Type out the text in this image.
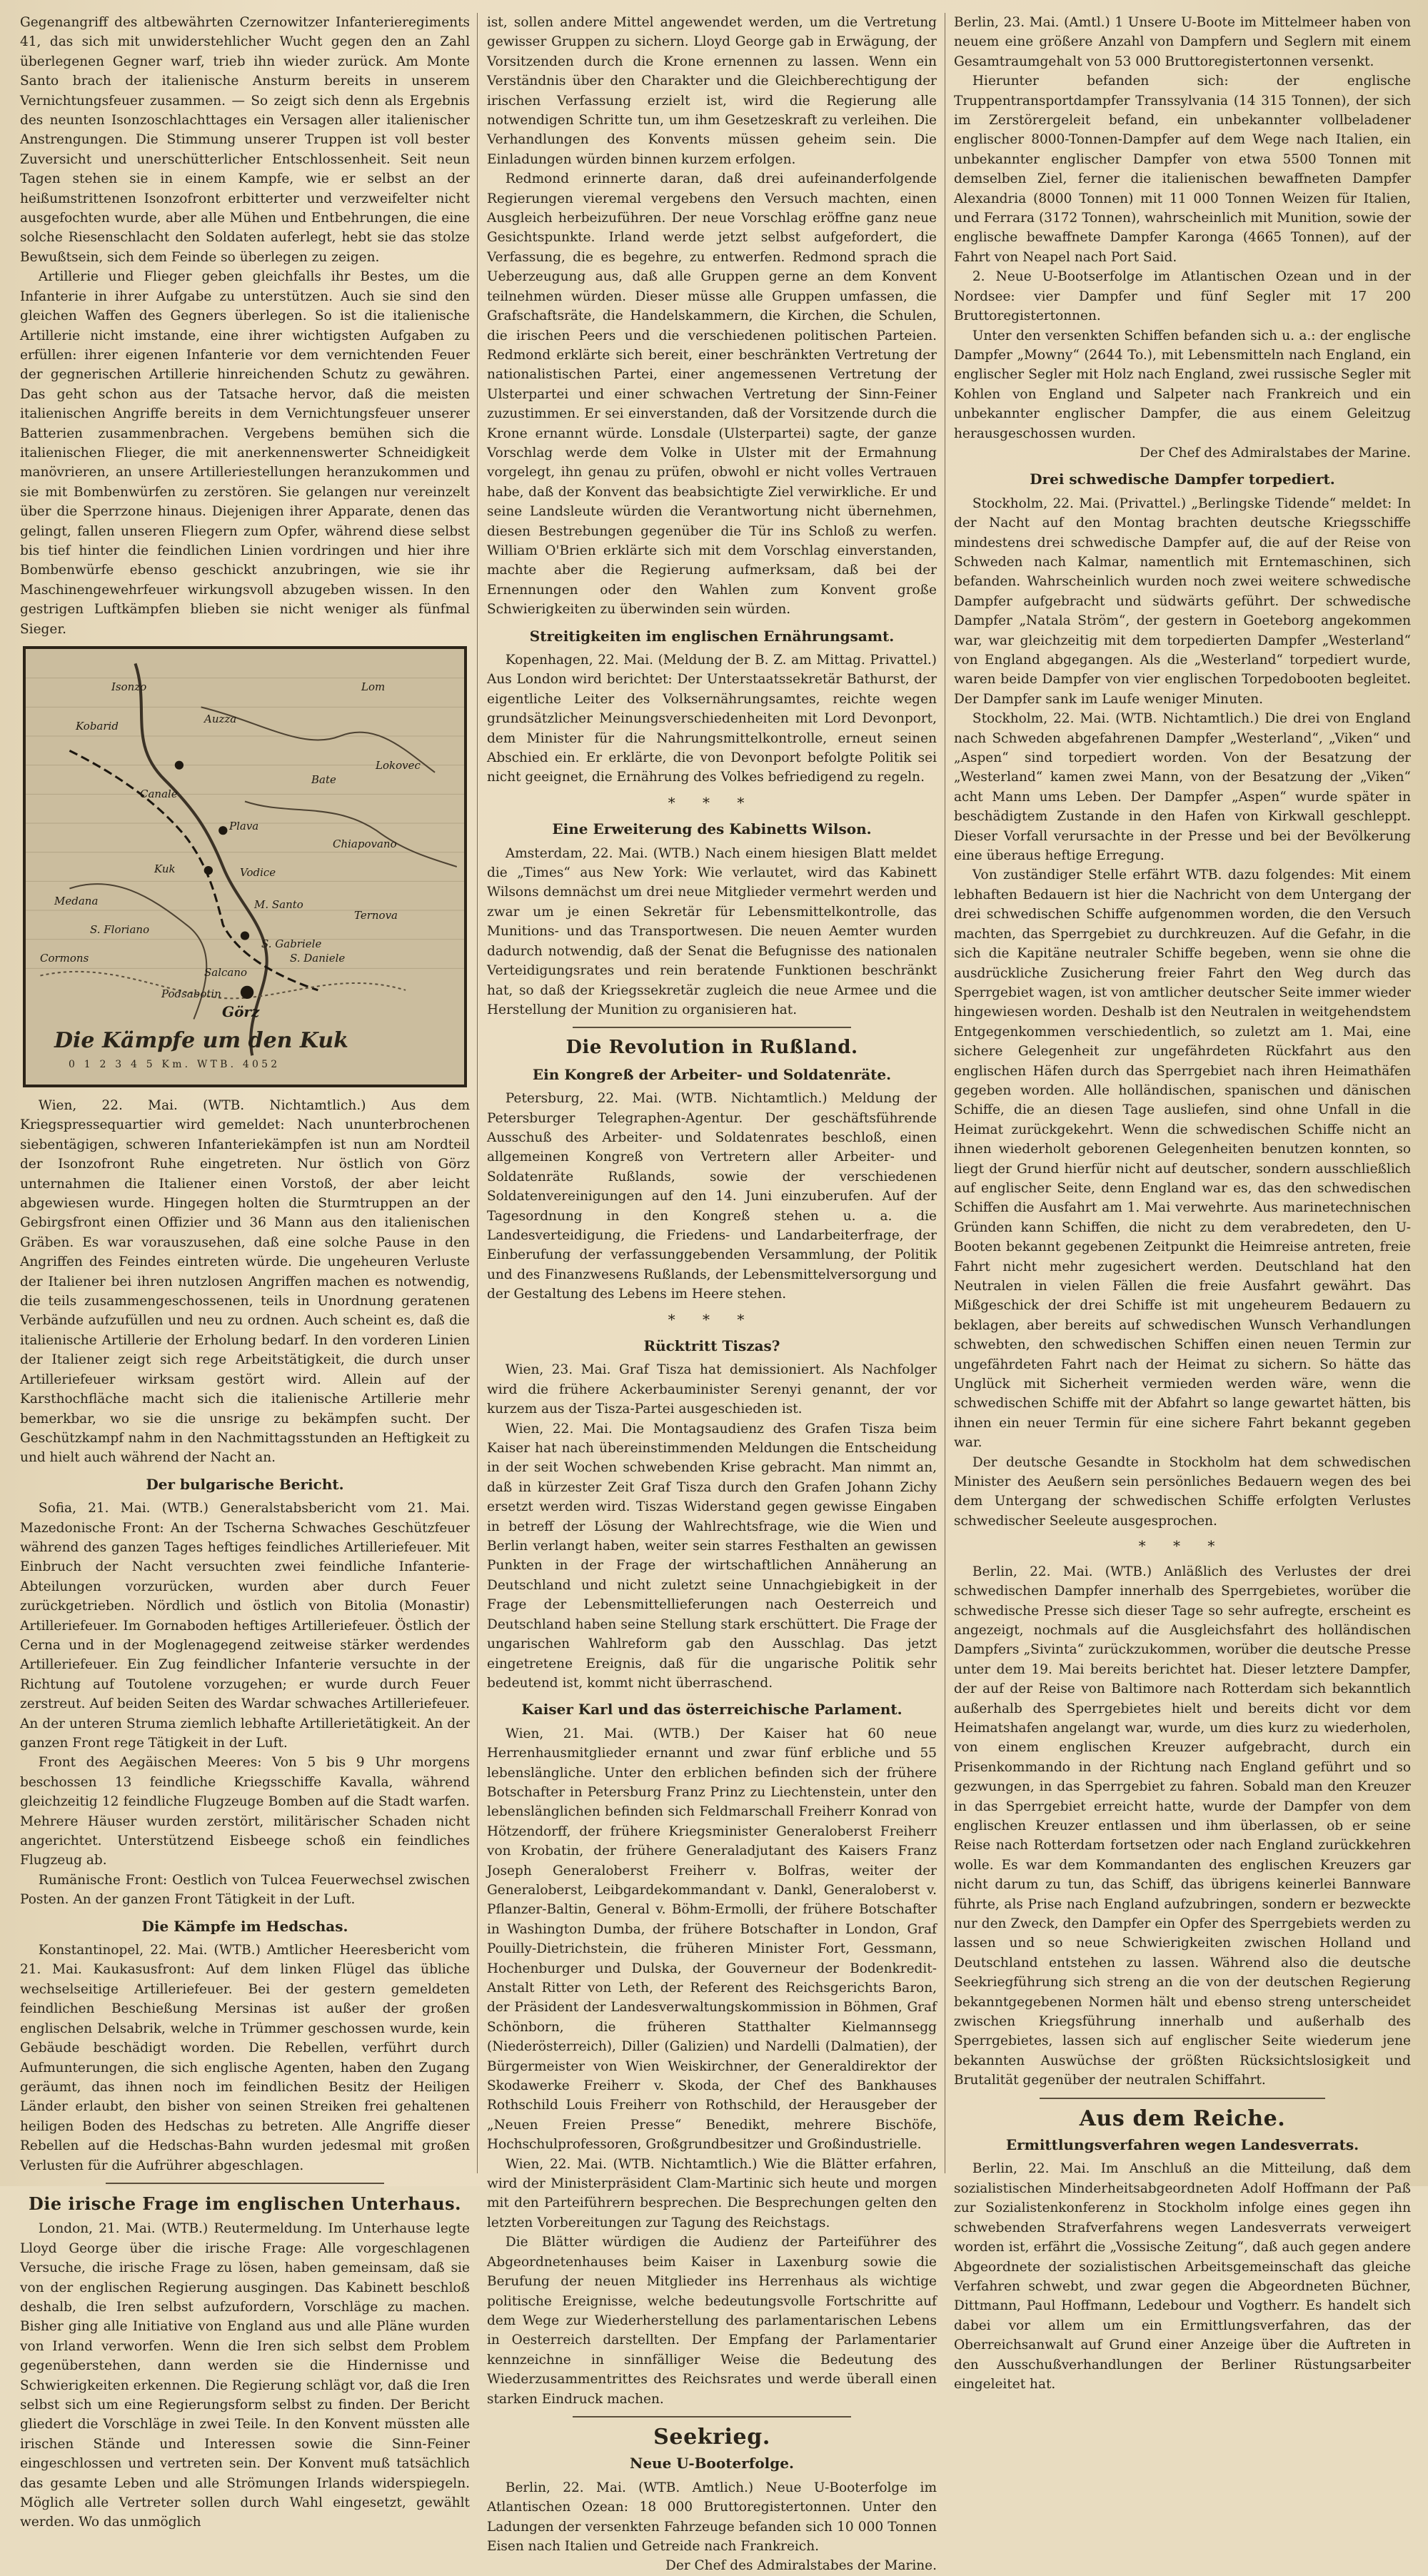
Gegenangriff des altbewährten Czernowitzer Infanterieregiments 41, das sich mit unwiderstehlicher Wucht gegen den an Zahl überlegenen Gegner warf, trieb ihn wieder zurück. Am Monte Santo brach der italienische Ansturm bereits in unserem Vernichtungsfeuer zusammen. — So zeigt sich denn als Ergebnis des neunten Isonzoschlachttages ein Versagen aller italienischer Anstrengungen. Die Stimmung unserer Truppen ist voll bester Zuversicht und unerschütterlicher Entschlossenheit. Seit neun Tagen stehen sie in einem Kampfe, wie er selbst an der heißumstrittenen Isonzofront erbitterter und verzweifelter nicht ausgefochten wurde, aber alle Mühen und Entbehrungen, die eine solche Riesenschlacht den Soldaten auferlegt, hebt sie das stolze Bewußtsein, sich dem Feinde so überlegen zu zeigen.

Artillerie und Flieger geben gleichfalls ihr Bestes, um die Infanterie in ihrer Aufgabe zu unterstützen. Auch sie sind den gleichen Waffen des Gegners überlegen. So ist die italienische Artillerie nicht imstande, eine ihrer wichtigsten Aufgaben zu erfüllen: ihrer eigenen Infanterie vor dem vernichtenden Feuer der gegnerischen Artillerie hinreichenden Schutz zu gewähren. Das geht schon aus der Tatsache hervor, daß die meisten italienischen Angriffe bereits in dem Vernichtungsfeuer unserer Batterien zusammenbrachen. Vergebens bemühen sich die italienischen Flieger, die mit anerkennenswerter Schneidigkeit manövrieren, an unsere Artilleriestellungen heranzukommen und sie mit Bombenwürfen zu zerstören. Sie gelangen nur vereinzelt über die Sperrzone hinaus. Diejenigen ihrer Apparate, denen das gelingt, fallen unseren Fliegern zum Opfer, während diese selbst bis tief hinter die feindlichen Linien vordringen und hier ihre Bombenwürfe ebenso geschickt anzubringen, wie sie ihr Maschinengewehrfeuer wirkungsvoll abzugeben wissen. In den gestrigen Luftkämpfen blieben sie nicht weniger als fünfmal Sieger.

Kobarid
Auzza
Plava
Kuk	Vodice
M. Santo
Görz
S. Gabriele
Salcano
Canale
Lom
Bate
Lokovec
Chiapovano
Ternova
S. Daniele
Cormons
Medana
S. Floriano
Podsabotin
Isonzo
Die Kämpfe um den Kuk
0 1 2 3 4 5 Km. WTB. 4052

Wien, 22. Mai. (WTB. Nichtamtlich.) Aus dem Kriegspressequartier wird gemeldet: Nach ununterbrochenen siebentägigen, schweren Infanteriekämpfen ist nun am Nordteil der Isonzofront Ruhe eingetreten. Nur östlich von Görz unternahmen die Italiener einen Vorstoß, der aber leicht abgewiesen wurde. Hingegen holten die Sturmtruppen an der Gebirgsfront einen Offizier und 36 Mann aus den italienischen Gräben. Es war vorauszusehen, daß eine solche Pause in den Angriffen des Feindes eintreten würde. Die ungeheuren Verluste der Italiener bei ihren nutzlosen Angriffen machen es notwendig, die teils zusammengeschossenen, teils in Unordnung geratenen Verbände aufzufüllen und neu zu ordnen. Auch scheint es, daß die italienische Artillerie der Erholung bedarf. In den vorderen Linien der Italiener zeigt sich rege Arbeitstätigkeit, die durch unser Artilleriefeuer wirksam gestört wird. Allein auf der Karsthochfläche macht sich die italienische Artillerie mehr bemerkbar, wo sie die unsrige zu bekämpfen sucht. Der Geschützkampf nahm in den Nachmittagsstunden an Heftigkeit zu und hielt auch während der Nacht an.

Der bulgarische Bericht.

Sofia, 21. Mai. (WTB.) Generalstabsbericht vom 21. Mai. Mazedonische Front: An der Tscherna Schwaches Geschützfeuer während des ganzen Tages heftiges feindliches Artilleriefeuer. Mit Einbruch der Nacht versuchten zwei feindliche Infanterie-Abteilungen vorzurücken, wurden aber durch Feuer zurückgetrieben. Nördlich und östlich von Bitolia (Monastir) Artilleriefeuer. Im Gornaboden heftiges Artilleriefeuer. Östlich der Cerna und in der Moglenagegend zeitweise stärker werdendes Artilleriefeuer. Ein Zug feindlicher Infanterie versuchte in der Richtung auf Toutolene vorzugehen; er wurde durch Feuer zerstreut. Auf beiden Seiten des Wardar schwaches Artilleriefeuer. An der unteren Struma ziemlich lebhafte Artillerietätigkeit. An der ganzen Front rege Tätigkeit in der Luft.

Front des Aegäischen Meeres: Von 5 bis 9 Uhr morgens beschossen 13 feindliche Kriegsschiffe Kavalla, während gleichzeitig 12 feindliche Flugzeuge Bomben auf die Stadt warfen. Mehrere Häuser wurden zerstört, militärischer Schaden nicht angerichtet. Unterstützend Eisbeege schoß ein feindliches Flugzeug ab.

Rumänische Front: Oestlich von Tulcea Feuerwechsel zwischen Posten. An der ganzen Front Tätigkeit in der Luft.

Die Kämpfe im Hedschas.

Konstantinopel, 22. Mai. (WTB.) Amtlicher Heeresbericht vom 21. Mai. Kaukasusfront: Auf dem linken Flügel das übliche wechselseitige Artilleriefeuer. Bei der gestern gemeldeten feindlichen Beschießung Mersinas ist außer der großen englischen Delsabrik, welche in Trümmer geschossen wurde, kein Gebäude beschädigt worden. Die Rebellen, verführt durch Aufmunterungen, die sich englische Agenten, haben den Zugang geräumt, das ihnen noch im feindlichen Besitz der Heiligen Länder erlaubt, den bisher von seinen Streiken frei gehaltenen heiligen Boden des Hedschas zu betreten. Alle Angriffe dieser Rebellen auf die Hedschas-Bahn wurden jedesmal mit großen Verlusten für die Aufrührer abgeschlagen.

Die irische Frage im englischen Unterhaus.

London, 21. Mai. (WTB.) Reutermeldung. Im Unterhause legte Lloyd George über die irische Frage: Alle vorgeschlagenen Versuche, die irische Frage zu lösen, haben gemeinsam, daß sie von der englischen Regierung ausgingen. Das Kabinett beschloß deshalb, die Iren selbst aufzufordern, Vorschläge zu machen. Bisher ging alle Initiative von England aus und alle Pläne wurden von Irland verworfen. Wenn die Iren sich selbst dem Problem gegenüberstehen, dann werden sie die Hindernisse und Schwierigkeiten erkennen. Die Regierung schlägt vor, daß die Iren selbst sich um eine Regierungsform selbst zu finden. Der Bericht gliedert die Vorschläge in zwei Teile. In den Konvent müssten alle irischen Stände und Interessen sowie die Sinn-Feiner eingeschlossen und vertreten sein. Der Konvent muß tatsächlich das gesamte Leben und alle Strömungen Irlands widerspiegeln. Möglich alle Vertreter sollen durch Wahl eingesetzt, gewählt werden. Wo das unmöglich

ist, sollen andere Mittel angewendet werden, um die Vertretung gewisser Gruppen zu sichern. Lloyd George gab in Erwägung, der Vorsitzenden durch die Krone ernennen zu lassen. Wenn ein Verständnis über den Charakter und die Gleichberechtigung der irischen Verfassung erzielt ist, wird die Regierung alle notwendigen Schritte tun, um ihm Gesetzeskraft zu verleihen. Die Verhandlungen des Konvents müssen geheim sein. Die Einladungen würden binnen kurzem erfolgen.

Redmond erinnerte daran, daß drei aufeinanderfolgende Regierungen vieremal vergebens den Versuch machten, einen Ausgleich herbeizuführen. Der neue Vorschlag eröffne ganz neue Gesichtspunkte. Irland werde jetzt selbst aufgefordert, die Verfassung, die es begehre, zu entwerfen. Redmond sprach die Ueberzeugung aus, daß alle Gruppen gerne an dem Konvent teilnehmen würden. Dieser müsse alle Gruppen umfassen, die Grafschaftsräte, die Handelskammern, die Kirchen, die Schulen, die irischen Peers und die verschiedenen politischen Parteien. Redmond erklärte sich bereit, einer beschränkten Vertretung der nationalistischen Partei, einer angemessenen Vertretung der Ulsterpartei und einer schwachen Vertretung der Sinn-Feiner zuzustimmen. Er sei einverstanden, daß der Vorsitzende durch die Krone ernannt würde. Lonsdale (Ulsterpartei) sagte, der ganze Vorschlag werde dem Volke in Ulster mit der Ermahnung vorgelegt, ihn genau zu prüfen, obwohl er nicht volles Vertrauen habe, daß der Konvent das beabsichtigte Ziel verwirkliche. Er und seine Landsleute würden die Verantwortung nicht übernehmen, diesen Bestrebungen gegenüber die Tür ins Schloß zu werfen. William O'Brien erklärte sich mit dem Vorschlag einverstanden, machte aber die Regierung aufmerksam, daß bei der Ernennungen oder den Wahlen zum Konvent große Schwierigkeiten zu überwinden sein würden.

Streitigkeiten im englischen Ernährungsamt.

Kopenhagen, 22. Mai. (Meldung der B. Z. am Mittag. Privattel.) Aus London wird berichtet: Der Unterstaatssekretär Bathurst, der eigentliche Leiter des Volksernährungsamtes, reichte wegen grundsätzlicher Meinungsverschiedenheiten mit Lord Devonport, dem Minister für die Nahrungsmittelkontrolle, erneut seinen Abschied ein. Er erklärte, die von Devonport befolgte Politik sei nicht geeignet, die Ernährung des Volkes befriedigend zu regeln.

* * *
Eine Erweiterung des Kabinetts Wilson.

Amsterdam, 22. Mai. (WTB.) Nach einem hiesigen Blatt meldet die „Times“ aus New York: Wie verlautet, wird das Kabinett Wilsons demnächst um drei neue Mitglieder vermehrt werden und zwar um je einen Sekretär für Lebensmittelkontrolle, das Munitions- und das Transportwesen. Die neuen Aemter wurden dadurch notwendig, daß der Senat die Befugnisse des nationalen Verteidigungsrates und rein beratende Funktionen beschränkt hat, so daß der Kriegssekretär zugleich die neue Armee und die Herstellung der Munition zu organisieren hat.

Die Revolution in Rußland.
Ein Kongreß der Arbeiter- und Soldatenräte.

Petersburg, 22. Mai. (WTB. Nichtamtlich.) Meldung der Petersburger Telegraphen-Agentur. Der geschäftsführende Ausschuß des Arbeiter- und Soldatenrates beschloß, einen allgemeinen Kongreß von Vertretern aller Arbeiter- und Soldatenräte Rußlands, sowie der verschiedenen Soldatenvereinigungen auf den 14. Juni einzuberufen. Auf der Tagesordnung in den Kongreß stehen u. a. die Landesverteidigung, die Friedens- und Landarbeiterfrage, der Einberufung der verfassunggebenden Versammlung, der Politik und des Finanzwesens Rußlands, der Lebensmittelversorgung und der Gestaltung des Lebens im Heere stehen.

* * *
Rücktritt Tiszas?

Wien, 23. Mai. Graf Tisza hat demissioniert. Als Nachfolger wird die frühere Ackerbauminister Serenyi genannt, der vor kurzem aus der Tisza-Partei ausgeschieden ist.

Wien, 22. Mai. Die Montagsaudienz des Grafen Tisza beim Kaiser hat nach übereinstimmenden Meldungen die Entscheidung in der seit Wochen schwebenden Krise gebracht. Man nimmt an, daß in kürzester Zeit Graf Tisza durch den Grafen Johann Zichy ersetzt werden wird. Tiszas Widerstand gegen gewisse Eingaben in betreff der Lösung der Wahlrechtsfrage, wie die Wien und Berlin verlangt haben, weiter sein starres Festhalten an gewissen Punkten in der Frage der wirtschaftlichen Annäherung an Deutschland und nicht zuletzt seine Unnachgiebigkeit in der Frage der Lebensmittellieferungen nach Oesterreich und Deutschland haben seine Stellung stark erschüttert. Die Frage der ungarischen Wahlreform gab den Ausschlag. Das jetzt eingetretene Ereignis, daß für die ungarische Politik sehr bedeutend ist, kommt nicht überraschend.

Kaiser Karl und das österreichische Parlament.

Wien, 21. Mai. (WTB.) Der Kaiser hat 60 neue Herrenhausmitglieder ernannt und zwar fünf erbliche und 55 lebenslängliche. Unter den erblichen befinden sich der frühere Botschafter in Petersburg Franz Prinz zu Liechtenstein, unter den lebenslänglichen befinden sich Feldmarschall Freiherr Konrad von Hötzendorff, der frühere Kriegsminister Generaloberst Freiherr von Krobatin, der frühere Generaladjutant des Kaisers Franz Joseph Generaloberst Freiherr v. Bolfras, weiter der Generaloberst, Leibgardekommandant v. Dankl, Generaloberst v. Pflanzer-Baltin, General v. Böhm-Ermolli, der frühere Botschafter in Washington Dumba, der frühere Botschafter in London, Graf Pouilly-Dietrichstein, die früheren Minister Fort, Gessmann, Hochenburger und Dulska, der Gouverneur der Bodenkredit-Anstalt Ritter von Leth, der Referent des Reichsgerichts Baron, der Präsident der Landesverwaltungskommission in Böhmen, Graf Schönborn, die früheren Statthalter Kielmannsegg (Niederösterreich), Diller (Galizien) und Nardelli (Dalmatien), der Bürgermeister von Wien Weiskirchner, der Generaldirektor der Skodawerke Freiherr v. Skoda, der Chef des Bankhauses Rothschild Louis Freiherr von Rothschild, der Herausgeber der „Neuen Freien Presse“ Benedikt, mehrere Bischöfe, Hochschulprofessoren, Großgrundbesitzer und Großindustrielle.

Wien, 22. Mai. (WTB. Nichtamtlich.) Wie die Blätter erfahren, wird der Ministerpräsident Clam-Martinic sich heute und morgen mit den Parteiführern besprechen. Die Besprechungen gelten den letzten Vorbereitungen zur Tagung des Reichstags.

Die Blätter würdigen die Audienz der Parteiführer des Abgeordnetenhauses beim Kaiser in Laxenburg sowie die Berufung der neuen Mitglieder ins Herrenhaus als wichtige politische Ereignisse, welche bedeutungsvolle Fortschritte auf dem Wege zur Wiederherstellung des parlamentarischen Lebens in Oesterreich darstellten. Der Empfang der Parlamentarier kennzeichne in sinnfälliger Weise die Bedeutung des Wiederzusammentrittes des Reichsrates und werde überall einen starken Eindruck machen.

Seekrieg.
Neue U-Booterfolge.

Berlin, 22. Mai. (WTB. Amtlich.) Neue U-Booterfolge im Atlantischen Ozean: 18 000 Bruttoregistertonnen. Unter den Ladungen der versenkten Fahrzeuge befanden sich 10 000 Tonnen Eisen nach Italien und Getreide nach Frankreich.

Der Chef des Admiralstabes der Marine.

Berlin, 23. Mai. (Amtl.) 1 Unsere U-Boote im Mittelmeer haben von neuem eine größere Anzahl von Dampfern und Seglern mit einem Gesamtraumgehalt von 53 000 Bruttoregistertonnen versenkt.

Hierunter befanden sich: der englische Truppentransportdampfer Transsylvania (14 315 Tonnen), der sich im Zerstörergeleit befand, ein unbekannter vollbeladener englischer 8000-Tonnen-Dampfer auf dem Wege nach Italien, ein unbekannter englischer Dampfer von etwa 5500 Tonnen mit demselben Ziel, ferner die italienischen bewaffneten Dampfer Alexandria (8000 Tonnen) mit 11 000 Tonnen Weizen für Italien, und Ferrara (3172 Tonnen), wahrscheinlich mit Munition, sowie der englische bewaffnete Dampfer Karonga (4665 Tonnen), auf der Fahrt von Neapel nach Port Said.

2. Neue U-Bootserfolge im Atlantischen Ozean und in der Nordsee: vier Dampfer und fünf Segler mit 17 200 Bruttoregistertonnen.

Unter den versenkten Schiffen befanden sich u. a.: der englische Dampfer „Mowny“ (2644 To.), mit Lebensmitteln nach England, ein englischer Segler mit Holz nach England, zwei russische Segler mit Kohlen von England und Salpeter nach Frankreich und ein unbekannter englischer Dampfer, die aus einem Geleitzug herausgeschossen wurden.

Der Chef des Admiralstabes der Marine.

Drei schwedische Dampfer torpediert.

Stockholm, 22. Mai. (Privattel.) „Berlingske Tidende“ meldet: In der Nacht auf den Montag brachten deutsche Kriegsschiffe mindestens drei schwedische Dampfer auf, die auf der Reise von Schweden nach Kalmar, namentlich mit Erntemaschinen, sich befanden. Wahrscheinlich wurden noch zwei weitere schwedische Dampfer aufgebracht und südwärts geführt. Der schwedische Dampfer „Natala Ström“, der gestern in Goeteborg angekommen war, war gleichzeitig mit dem torpedierten Dampfer „Westerland“ von England abgegangen. Als die „Westerland“ torpediert wurde, waren beide Dampfer von vier englischen Torpedobooten begleitet. Der Dampfer sank im Laufe weniger Minuten.

Stockholm, 22. Mai. (WTB. Nichtamtlich.) Die drei von England nach Schweden abgefahrenen Dampfer „Westerland“, „Viken“ und „Aspen“ sind torpediert worden. Von der Besatzung der „Westerland“ kamen zwei Mann, von der Besatzung der „Viken“ acht Mann ums Leben. Der Dampfer „Aspen“ wurde später in beschädigtem Zustande in den Hafen von Kirkwall geschleppt. Dieser Vorfall verursachte in der Presse und bei der Bevölkerung eine überaus heftige Erregung.

Von zuständiger Stelle erfährt WTB. dazu folgendes: Mit einem lebhaften Bedauern ist hier die Nachricht von dem Untergang der drei schwedischen Schiffe aufgenommen worden, die den Versuch machten, das Sperrgebiet zu durchkreuzen. Auf die Gefahr, in die sich die Kapitäne neutraler Schiffe begeben, wenn sie ohne die ausdrückliche Zusicherung freier Fahrt den Weg durch das Sperrgebiet wagen, ist von amtlicher deutscher Seite immer wieder hingewiesen worden. Deshalb ist den Neutralen in weitgehendstem Entgegenkommen verschiedentlich, so zuletzt am 1. Mai, eine sichere Gelegenheit zur ungefährdeten Rückfahrt aus den englischen Häfen durch das Sperrgebiet nach ihren Heimathäfen gegeben worden. Alle holländischen, spanischen und dänischen Schiffe, die an diesen Tage ausliefen, sind ohne Unfall in die Heimat zurückgekehrt. Wenn die schwedischen Schiffe nicht an ihnen wiederholt geborenen Gelegenheiten benutzen konnten, so liegt der Grund hierfür nicht auf deutscher, sondern ausschließlich auf englischer Seite, denn England war es, das den schwedischen Schiffen die Ausfahrt am 1. Mai verwehrte. Aus marinetechnischen Gründen kann Schiffen, die nicht zu dem verabredeten, den U-Booten bekannt gegebenen Zeitpunkt die Heimreise antreten, freie Fahrt nicht mehr zugesichert werden. Deutschland hat den Neutralen in vielen Fällen die freie Ausfahrt gewährt. Das Mißgeschick der drei Schiffe ist mit ungeheurem Bedauern zu beklagen, aber bereits auf schwedischen Wunsch Verhandlungen schwebten, den schwedischen Schiffen einen neuen Termin zur ungefährdeten Fahrt nach der Heimat zu sichern. So hätte das Unglück mit Sicherheit vermieden werden wäre, wenn die schwedischen Schiffe mit der Abfahrt so lange gewartet hätten, bis ihnen ein neuer Termin für eine sichere Fahrt bekannt gegeben war.

Der deutsche Gesandte in Stockholm hat dem schwedischen Minister des Aeußern sein persönliches Bedauern wegen des bei dem Untergang der schwedischen Schiffe erfolgten Verlustes schwedischer Seeleute ausgesprochen.

* * *

Berlin, 22. Mai. (WTB.) Anläßlich des Verlustes der drei schwedischen Dampfer innerhalb des Sperrgebietes, worüber die schwedische Presse sich dieser Tage so sehr aufregte, erscheint es angezeigt, nochmals auf die Ausgleichsfahrt des holländischen Dampfers „Sivinta“ zurückzukommen, worüber die deutsche Presse unter dem 19. Mai bereits berichtet hat. Dieser letztere Dampfer, der auf der Reise von Baltimore nach Rotterdam sich bekanntlich außerhalb des Sperrgebietes hielt und bereits dicht vor dem Heimatshafen angelangt war, wurde, um dies kurz zu wiederholen, von einem englischen Kreuzer aufgebracht, durch ein Prisenkommando in der Richtung nach England geführt und so gezwungen, in das Sperrgebiet zu fahren. Sobald man den Kreuzer in das Sperrgebiet erreicht hatte, wurde der Dampfer von dem englischen Kreuzer entlassen und ihm überlassen, ob er seine Reise nach Rotterdam fortsetzen oder nach England zurückkehren wolle. Es war dem Kommandanten des englischen Kreuzers gar nicht darum zu tun, das Schiff, das übrigens keinerlei Bannware führte, als Prise nach England aufzubringen, sondern er bezweckte nur den Zweck, den Dampfer ein Opfer des Sperrgebiets werden zu lassen und so neue Schwierigkeiten zwischen Holland und Deutschland entstehen zu lassen. Während also die deutsche Seekriegführung sich streng an die von der deutschen Regierung bekanntgegebenen Normen hält und ebenso streng unterscheidet zwischen Kriegsführung innerhalb und außerhalb des Sperrgebietes, lassen sich auf englischer Seite wiederum jene bekannten Auswüchse der größten Rücksichtslosigkeit und Brutalität gegenüber der neutralen Schiffahrt.

Aus dem Reiche.
Ermittlungsverfahren wegen Landesverrats.

Berlin, 22. Mai. Im Anschluß an die Mitteilung, daß dem sozialistischen Minderheitsabgeordneten Adolf Hoffmann der Paß zur Sozialistenkonferenz in Stockholm infolge eines gegen ihn schwebenden Strafverfahrens wegen Landesverrats verweigert worden ist, erfährt die „Vossische Zeitung“, daß auch gegen andere Abgeordnete der sozialistischen Arbeitsgemeinschaft das gleiche Verfahren schwebt, und zwar gegen die Abgeordneten Büchner, Dittmann, Paul Hoffmann, Ledebour und Vogtherr. Es handelt sich dabei vor allem um ein Ermittlungsverfahren, das der Oberreichsanwalt auf Grund einer Anzeige über die Auftreten in den Ausschußverhandlungen der Berliner Rüstungsarbeiter eingeleitet hat.
